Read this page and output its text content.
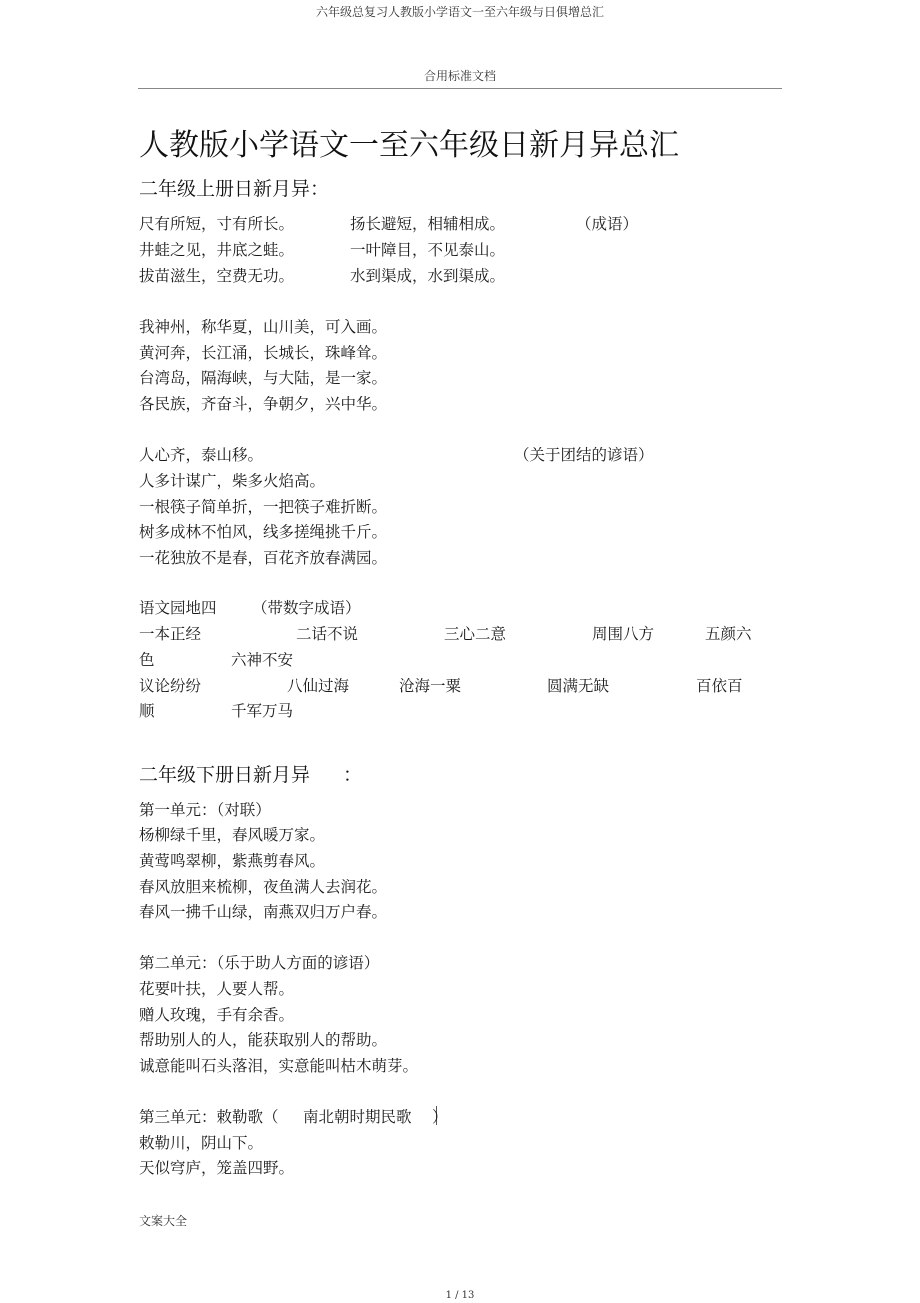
六年级总复习人教版小学语文一至六年级与日俱增总汇
合用标准文档
人教版小学语文一至六年级日新月异总汇
二年级上册日新月异：
尺有所短，寸有所长。	扬长避短，相辅相成。	（成语）
井蛙之见，井底之蛙。	一叶障目，不见泰山。
拔苗滋生，空费无功。	水到渠成，水到渠成。
我神州，称华夏，山川美，可入画。
黄河奔，长江涌，长城长，珠峰耸。
台湾岛，隔海峡，与大陆，是一家。
各民族，齐奋斗，争朝夕，兴中华。
人心齐，泰山移。	（关于团结的谚语）
人多计谋广，柴多火焰高。
一根筷子简单折，一把筷子难折断。
树多成林不怕风，线多搓绳挑千斤。
一花独放不是春，百花齐放春满园。
语文园地四 （带数字成语）
一本正经	二话不说	三心二意	周围八方	五颜六
色	六神不安
议论纷纷	八仙过海	沧海一粟	圆满无缺	百依百
顺	千军万马
二年级下册日新月异 ：
第一单元：（对联）
杨柳绿千里，春风暖万家。
黄莺鸣翠柳，紫燕剪春风。
春风放胆来梳柳，夜鱼满人去润花。
春风一拂千山绿，南燕双归万户春。
第二单元：（乐于助人方面的谚语）
花要叶扶，人要人帮。
赠人玫瑰，手有余香。
帮助别人的人，能获取别人的帮助。
诚意能叫石头落泪，实意能叫枯木萌芽。
第三单元：敕勒歌（ 南北朝时期民歌 ）
敕勒川，阴山下。
天似穹庐，笼盖四野。
文案大全
1 / 13
